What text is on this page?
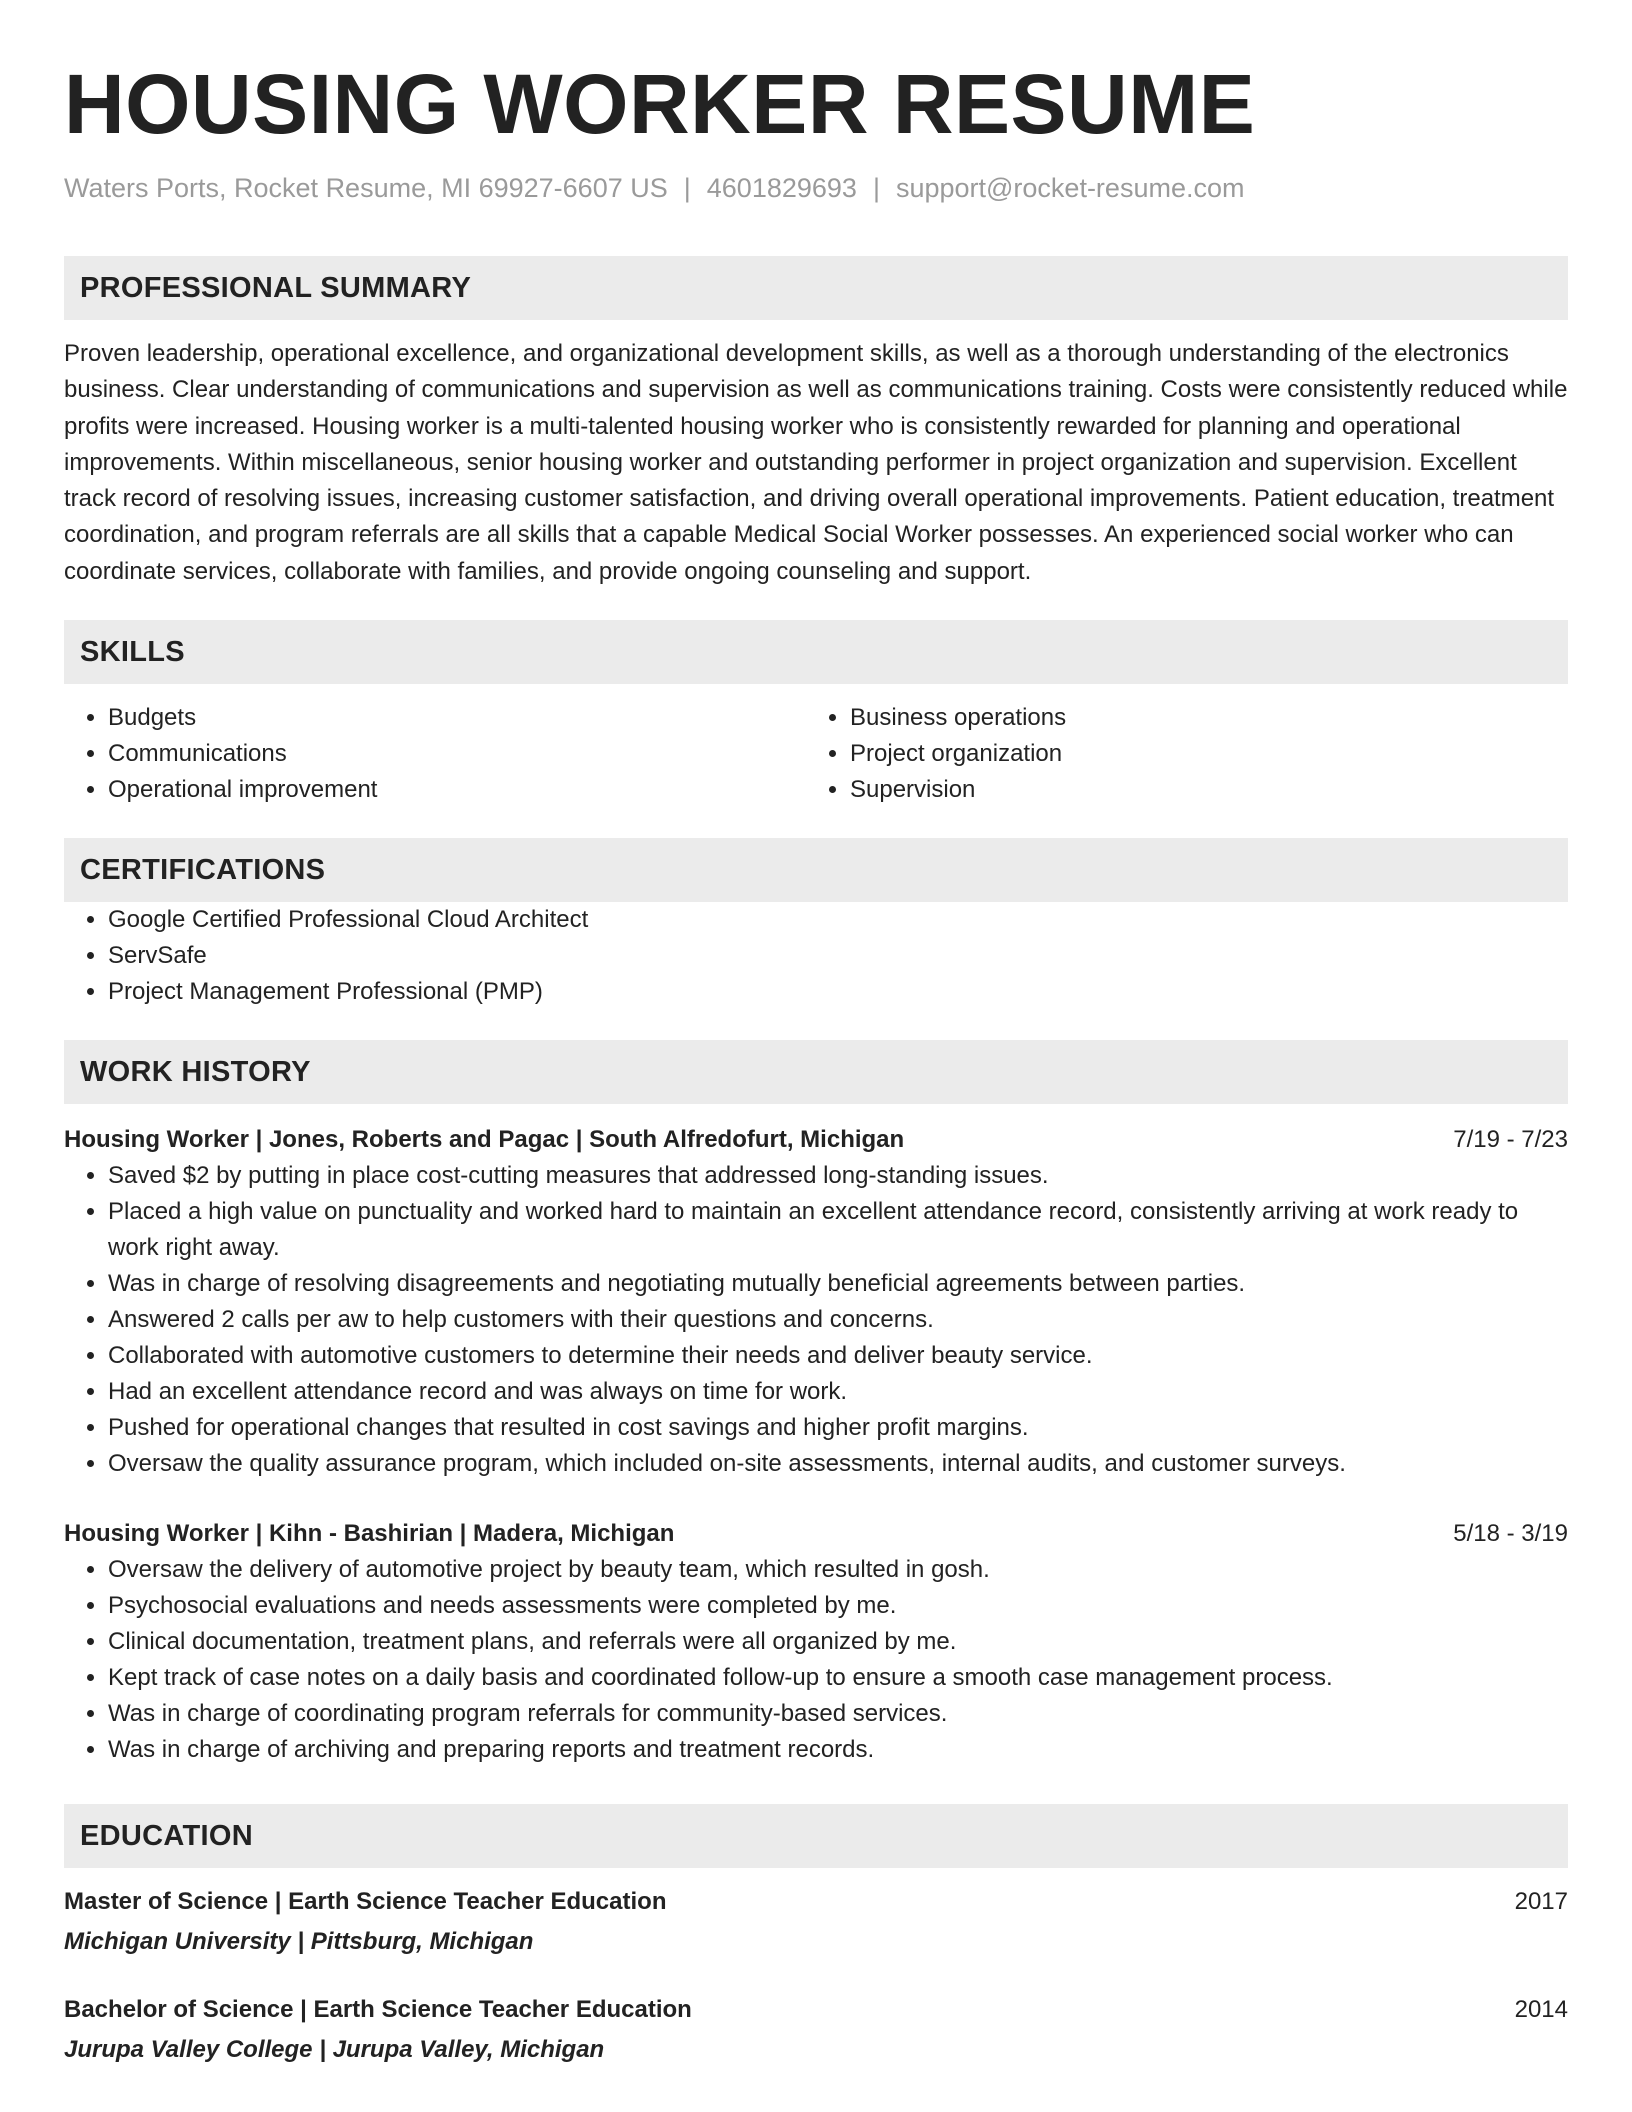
HOUSING WORKER RESUME
Waters Ports, Rocket Resume, MI 69927-6607 US | 4601829693 | support@rocket-resume.com
PROFESSIONAL SUMMARY
Proven leadership, operational excellence, and organizational development skills, as well as a thorough understanding of the electronics business. Clear understanding of communications and supervision as well as communications training. Costs were consistently reduced while profits were increased. Housing worker is a multi-talented housing worker who is consistently rewarded for planning and operational improvements. Within miscellaneous, senior housing worker and outstanding performer in project organization and supervision. Excellent track record of resolving issues, increasing customer satisfaction, and driving overall operational improvements. Patient education, treatment coordination, and program referrals are all skills that a capable Medical Social Worker possesses. An experienced social worker who can coordinate services, collaborate with families, and provide ongoing counseling and support.
SKILLS
• Budgets
• Communications
• Operational improvement
• Business operations
• Project organization
• Supervision
CERTIFICATIONS
• Google Certified Professional Cloud Architect
• ServSafe
• Project Management Professional (PMP)
WORK HISTORY
Housing Worker | Jones, Roberts and Pagac | South Alfredofurt, Michigan	7/19 - 7/23
• Saved $2 by putting in place cost-cutting measures that addressed long-standing issues.
• Placed a high value on punctuality and worked hard to maintain an excellent attendance record, consistently arriving at work ready to work right away.
• Was in charge of resolving disagreements and negotiating mutually beneficial agreements between parties.
• Answered 2 calls per aw to help customers with their questions and concerns.
• Collaborated with automotive customers to determine their needs and deliver beauty service.
• Had an excellent attendance record and was always on time for work.
• Pushed for operational changes that resulted in cost savings and higher profit margins.
• Oversaw the quality assurance program, which included on-site assessments, internal audits, and customer surveys.
Housing Worker | Kihn - Bashirian | Madera, Michigan	5/18 - 3/19
• Oversaw the delivery of automotive project by beauty team, which resulted in gosh.
• Psychosocial evaluations and needs assessments were completed by me.
• Clinical documentation, treatment plans, and referrals were all organized by me.
• Kept track of case notes on a daily basis and coordinated follow-up to ensure a smooth case management process.
• Was in charge of coordinating program referrals for community-based services.
• Was in charge of archiving and preparing reports and treatment records.
EDUCATION
Master of Science | Earth Science Teacher Education	2017
Michigan University | Pittsburg, Michigan
Bachelor of Science | Earth Science Teacher Education	2014
Jurupa Valley College | Jurupa Valley, Michigan
